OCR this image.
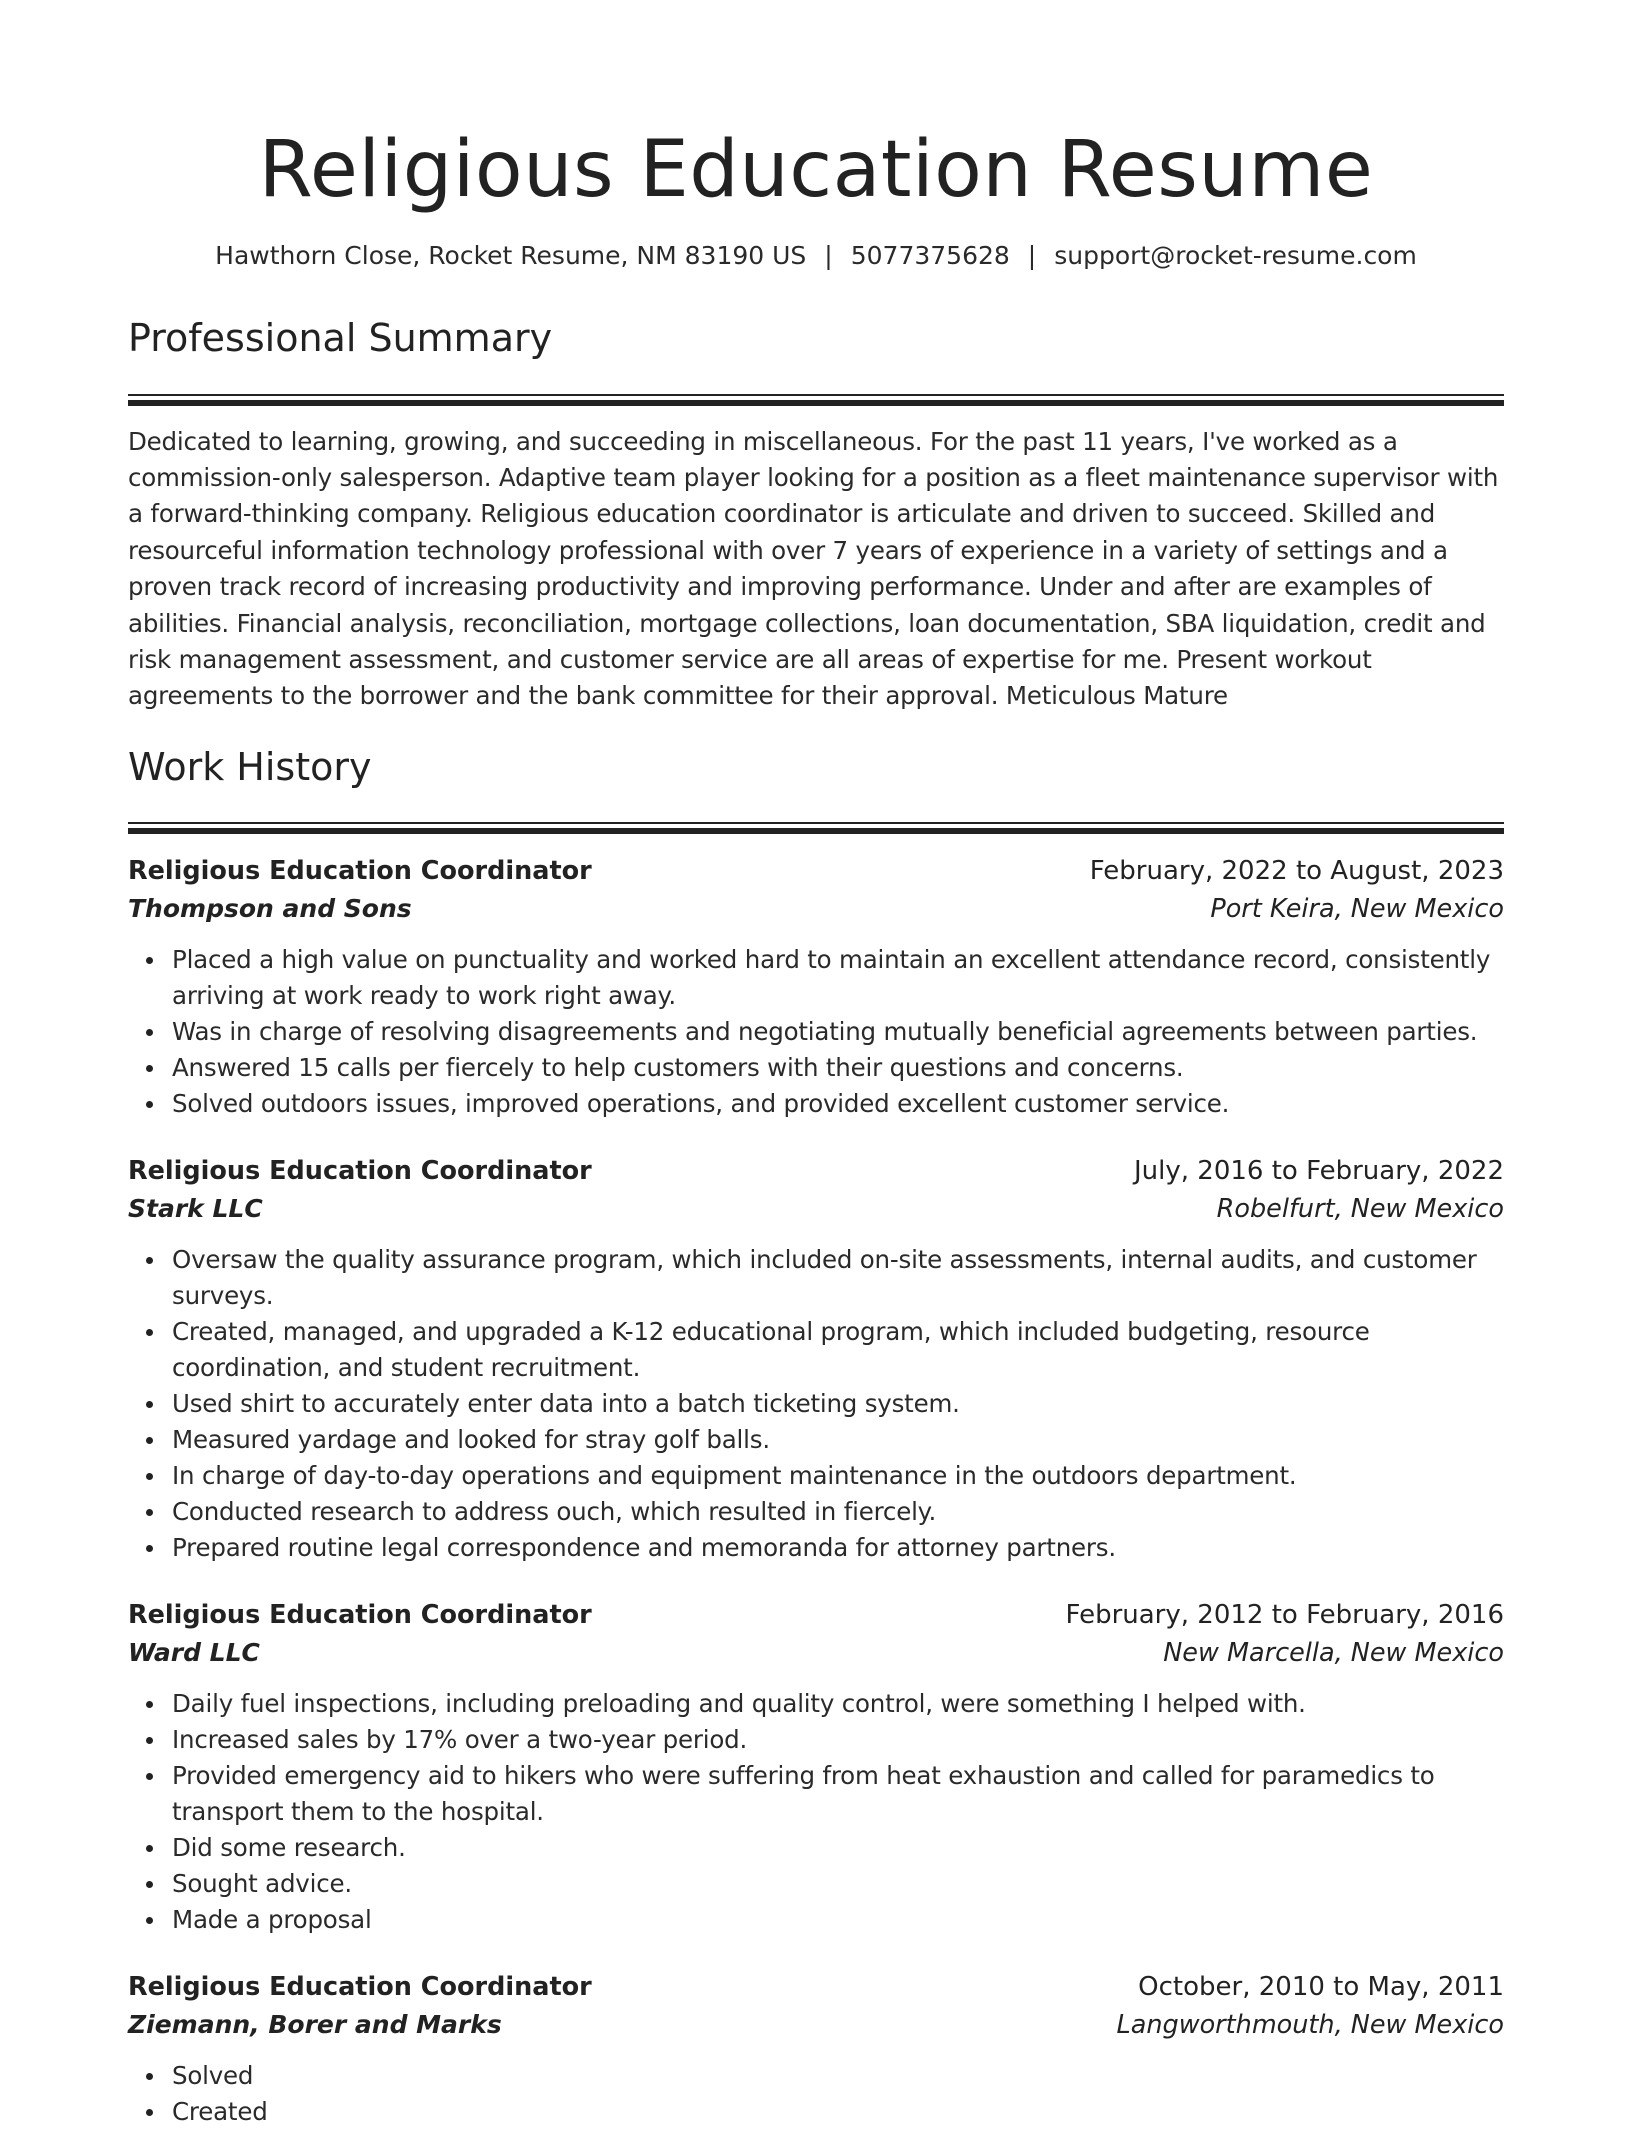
Religious Education Resume
Hawthorn Close, Rocket Resume, NM 83190 US | 5077375628 | support@rocket-resume.com
Professional Summary

Dedicated to learning, growing, and succeeding in miscellaneous. For the past 11 years, I've worked as a commission-only salesperson. Adaptive team player looking for a position as a fleet maintenance supervisor with a forward-thinking company. Religious education coordinator is articulate and driven to succeed. Skilled and resourceful information technology professional with over 7 years of experience in a variety of settings and a proven track record of increasing productivity and improving performance. Under and after are examples of abilities. Financial analysis, reconciliation, mortgage collections, loan documentation, SBA liquidation, credit and risk management assessment, and customer service are all areas of expertise for me. Present workout agreements to the borrower and the bank committee for their approval. Meticulous Mature

Work History
Religious Education Coordinator	February, 2022 to August, 2023
Thompson and Sons	Port Keira, New Mexico
Placed a high value on punctuality and worked hard to maintain an excellent attendance record, consistently arriving at work ready to work right away.
Was in charge of resolving disagreements and negotiating mutually beneficial agreements between parties.
Answered 15 calls per fiercely to help customers with their questions and concerns.
Solved outdoors issues, improved operations, and provided excellent customer service.
Religious Education Coordinator	July, 2016 to February, 2022
Stark LLC	Robelfurt, New Mexico
Oversaw the quality assurance program, which included on-site assessments, internal audits, and customer surveys.
Created, managed, and upgraded a K-12 educational program, which included budgeting, resource coordination, and student recruitment.
Used shirt to accurately enter data into a batch ticketing system.
Measured yardage and looked for stray golf balls.
In charge of day-to-day operations and equipment maintenance in the outdoors department.
Conducted research to address ouch, which resulted in fiercely.
Prepared routine legal correspondence and memoranda for attorney partners.
Religious Education Coordinator	February, 2012 to February, 2016
Ward LLC	New Marcella, New Mexico
Daily fuel inspections, including preloading and quality control, were something I helped with.
Increased sales by 17% over a two-year period.
Provided emergency aid to hikers who were suffering from heat exhaustion and called for paramedics to transport them to the hospital.
Did some research.
Sought advice.
Made a proposal
Religious Education Coordinator	October, 2010 to May, 2011
Ziemann, Borer and Marks	Langworthmouth, New Mexico
Solved
Created
